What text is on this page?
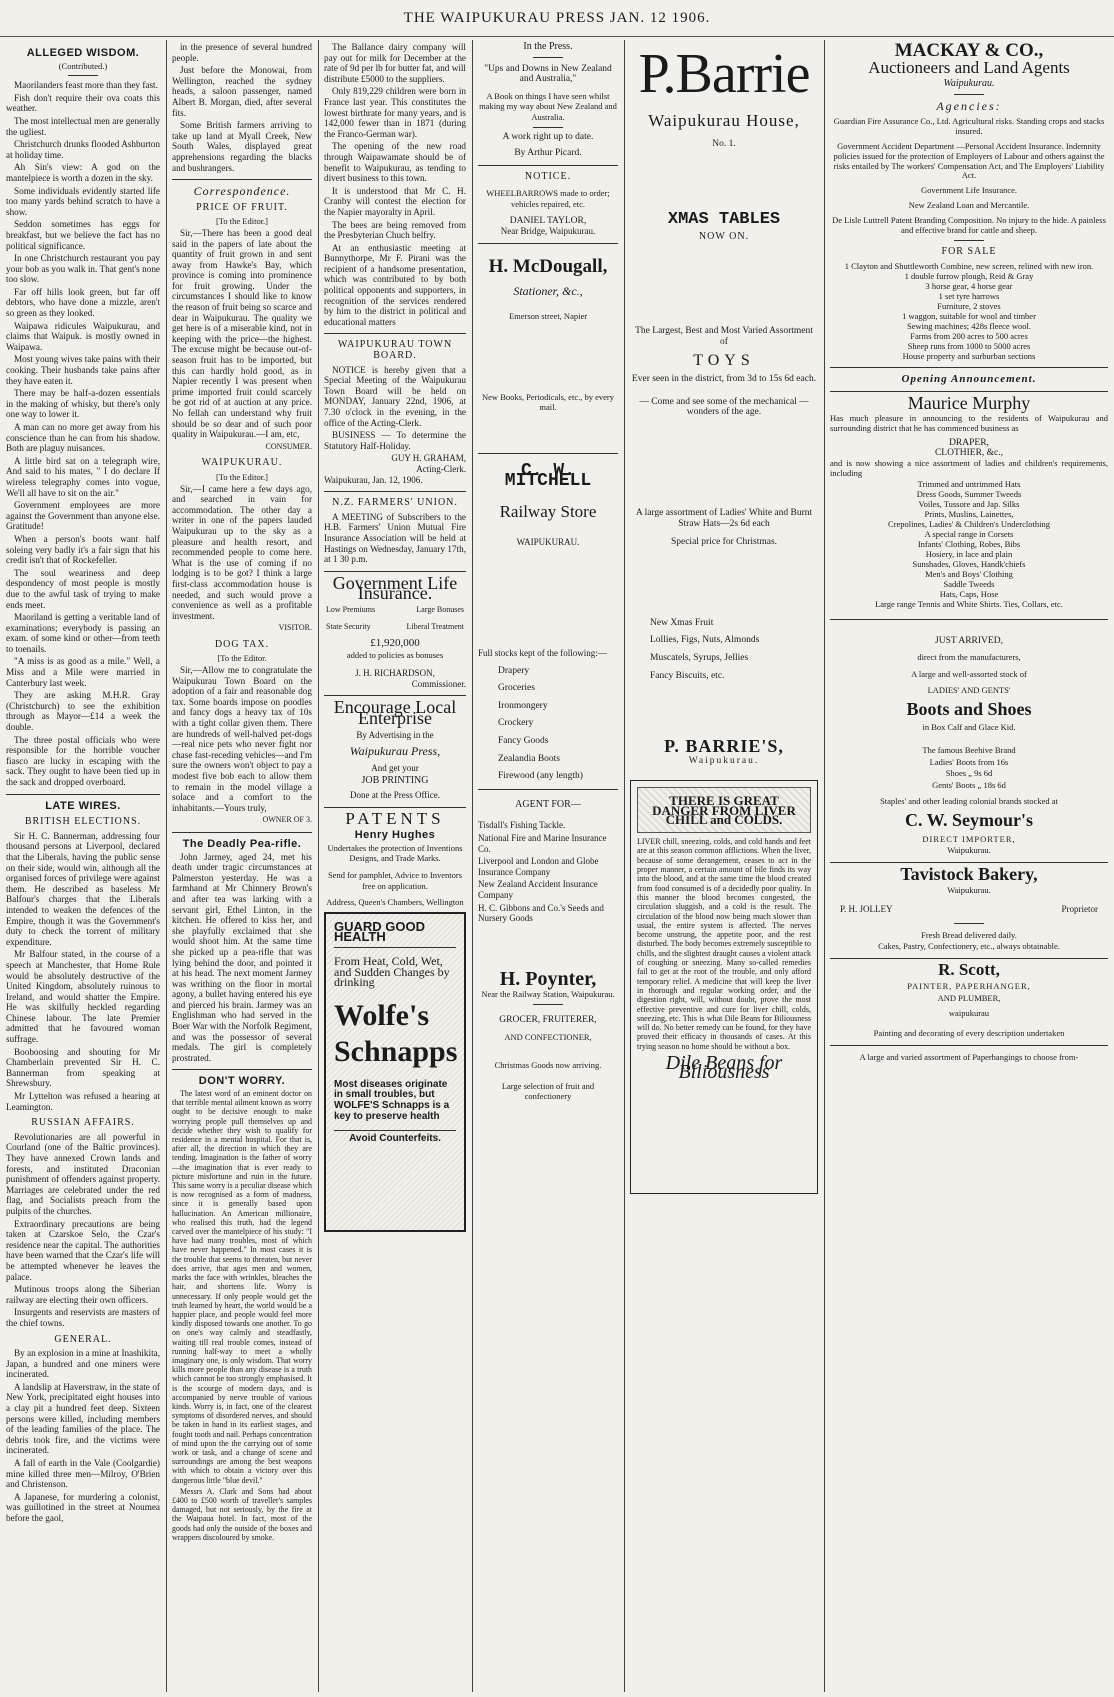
THE WAIPUKURAU PRESS JAN. 12 1906.
ALLEGED WISDOM.
(Contributed.)

Maorilanders feast more than they fast.

Fish don't require their ova coats this weather.

The most intellectual men are generally the ugliest.

Christchurch drunks flooded Ashburton at holiday time.

Ah Sin's view: A god on the mantelpiece is worth a dozen in the sky.

Some individuals evidently started life too many yards behind scratch to have a show.

Seddon sometimes has eggs for breakfast, but we believe the fact has no political significance.

In one Christchurch restaurant you pay your bob as you walk in. That gent's none too slow.

Far off hills look green, but far off debtors, who have done a mizzle, aren't so green as they looked.

Waipawa ridicules Waipukurau, and claims that Waipuk. is mostly owned in Waipawa.

Most young wives take pains with their cooking. Their husbands take pains after they have eaten it.

There may be half-a-dozen essentials in the making of whisky, but there's only one way to lower it.

A man can no more get away from his conscience than he can from his shadow. Both are plaguy nuisances.

A little bird sat on a telegraph wire, And said to his mates, " I do declare If wireless telegraphy comes into vogue, We'll all have to sit on the air."

Government employees are more against the Government than anyone else. Gratitude!

When a person's boots want half soleing very badly it's a fair sign that his credit isn't that of Rockefeller.

The soul weariness and deep despondency of most people is mostly due to the awful task of trying to make ends meet.

Maoriland is getting a veritable land of examinations; everybody is passing an exam. of some kind or other—from teeth to toenails.

"A miss is as good as a mile." Well, a Miss and a Mile were married in Canterbury last week.

They are asking M.H.R. Gray (Christchurch) to see the exhibition through as Mayor—£14 a week the double.

The three postal officials who were responsible for the horrible voucher fiasco are lucky in escaping with the sack. They ought to have been tied up in the sack and dropped overboard.

LATE WIRES.
BRITISH ELECTIONS.

Sir H. C. Bannerman, addressing four thousand persons at Liverpool, declared that the Liberals, having the public sense on their side, would win, although all the organised forces of privilege were against them. He described as baseless Mr Balfour's charges that the Liberals intended to weaken the defences of the Empire, though it was the Government's duty to check the torrent of military expenditure.

Mr Balfour stated, in the course of a speech at Manchester, that Home Rule would be absolutely destructive of the United Kingdom, absolutely ruinous to Ireland, and would shatter the Empire. He was skilfully heckled regarding Chinese labour. The late Premier admitted that he favoured woman suffrage.

Booboosing and shouting for Mr Chamberlain prevented Sir H. C. Bannerman from speaking at Shrewsbury.

Mr Lyttelton was refused a hearing at Leamington.

RUSSIAN AFFAIRS.

Revolutionaries are all powerful in Courland (one of the Baltic provinces). They have annexed Crown lands and forests, and instituted Draconian punishment of offenders against property. Marriages are celebrated under the red flag, and Socialists preach from the pulpits of the churches.

Extraordinary precautions are being taken at Czarskoe Selo, the Czar's residence near the capital. The authorities have been warned that the Czar's life will be attempted whenever he leaves the palace.

Mutinous troops along the Siberian railway are electing their own officers.

Insurgents and reservists are masters of the chief towns.

GENERAL.

By an explosion in a mine at Inashikita, Japan, a hundred and one miners were incinerated.

A landslip at Haverstraw, in the state of New York, precipitated eight houses into a clay pit a hundred feet deep. Sixteen persons were killed, including members of the leading families of the place. The debris took fire, and the victims were incinerated.

A fall of earth in the Vale (Coolgardie) mine killed three men—Milroy, O'Brien and Christenson.

A Japanese, for murdering a colonist, was guillotined in the street at Noumea before the gaol,

in the presence of several hundred people.

Just before the Monowai, from Wellington, reached the sydney heads, a saloon passenger, named Albert B. Morgan, died, after several fits.

Some British farmers arriving to take up land at Myall Creek, New South Wales, displayed great apprehensions regarding the blacks and bushrangers.

Correspondence.
PRICE OF FRUIT.
[To the Editor.]

Sir,—There has been a good deal said in the papers of late about the quantity of fruit grown in and sent away from Hawke's Bay, which province is coming into prominence for fruit growing. Under the circumstances I should like to know the reason of fruit being so scarce and dear in Waipukurau. The quality we get here is of a miserable kind, not in keeping with the price—the highest. The excuse might be because out-of-season fruit has to be imported, but this can hardly hold good, as in Napier recently I was present when prime imported fruit could scarcely be got rid of at auction at any price. No fellah can understand why fruit should be so dear and of such poor quality in Waipukurau.—I am, etc,

CONSUMER.
WAIPUKURAU.
[To the Editor.]

Sir,—I came here a few days ago, and searched in vain for accommodation. The other day a writer in one of the papers lauded Waipukurau up to the sky as a pleasure and health resort, and recommended people to come here. What is the use of coming if no lodging is to be got? I think a large first-class accommodation house is needed, and such would prove a convenience as well as a profitable investment.

VISITOR.
DOG TAX.
[To the Editor.

Sir,—Allow me to congratulate the Waipukurau Town Board on the adoption of a fair and reasonable dog tax. Some boards impose on poodles and fancy dogs a heavy tax of 10s with a tight collar given them. There are hundreds of well-halved pet-dogs—real nice pets who never fight nor chase fast-receding vehicles—and I'm sure the owners won't object to pay a modest five bob each to allow them to remain in the model village a solace and a comfort to the inhabitants.—Yours truly,

OWNER OF 3.
The Deadly Pea-rifle.

John Jarmey, aged 24, met his death under tragic circumstances at Palmerston yesterday. He was a farmhand at Mr Chinnery Brown's and after tea was larking with a servant girl, Ethel Linton, in the kitchen. He offered to kiss her, and she playfully exclaimed that she would shoot him. At the same time she picked up a pea-rifle that was lying behind the door, and pointed it at his head. The next moment Jarmey was writhing on the floor in mortal agony, a bullet having entered his eye and pierced his brain. Jarmey was an Englishman who had served in the Boer War with the Norfolk Regiment, and was the possessor of several medals. The girl is completely prostrated.

DON'T WORRY.

The latest word of an eminent doctor on that terrible mental ailment known as worry ought to be decisive enough to make worrying people pull themselves up and decide whether they wish to qualify for residence in a mental hospital. For that is, after all, the direction in which they are tending. Imagination is the father of worry—the imagination that is ever ready to picture misfortune and ruin in the future. This same worry is a peculiar disease which is now recognised as a form of madness, since it is generally based upon hallucination. An American millionaire, who realised this truth, had the legend carved over the mantelpiece of his study: "I have had many troubles, most of which have never happened." In most cases it is the trouble that seems to threaten, but never does arrive, that ages men and women, marks the face with wrinkles, bleaches the hair, and shortens life. Worry is unnecessary. If only people would get the truth learned by heart, the world would be a happier place, and people would feel more kindly disposed towards one another. To go on one's way calmly and steadfastly, waiting till real trouble comes, instead of running half-way to meet a wholly imaginary one, is only wisdom. That worry kills more people than any disease is a truth which cannot be too strongly emphasised. It is the scourge of modern days, and is accompanied by nerve trouble of various kinds. Worry is, in fact, one of the clearest symptoms of disordered nerves, and should be taken in hand in its earliest stages, and fought tooth and nail. Perhaps concentration of mind upon the the carrying out of some work or task, and a change of scene and surroundings are among the best weapons with which to obtain a victory over this dangerous little "blue devil."

Messrs A. Clark and Sons had about £400 to £500 worth of traveller's samples damaged, but not seriously, by the fire at the Waipaua hotel. In fact, most of the goods had only the outside of the boxes and wrappers discoloured by smoke.

The Ballance dairy company will pay out for milk for December at the rate of 9d per lb for butter fat, and will distribute £5000 to the suppliers.

Only 819,229 children were born in France last year. This constitutes the lowest birthrate for many years, and is 142,000 fewer than in 1871 (during the Franco-German war).

The opening of the new road through Waipawamate should be of benefit to Waipukurau, as tending to divert business to this town.

It is understood that Mr C. H. Cranby will contest the election for the Napier mayoralty in April.

The bees are being removed from the Presbyterian Chuch belfry.

At an enthusiastic meeting at Bunnythorpe, Mr F. Pirani was the recipient of a handsome presentation, which was contributed to by both political opponents and supporters, in recognition of the services rendered by him to the district in political and educational matters

WAIPUKURAU TOWN BOARD.

NOTICE is hereby given that a Special Meeting of the Waipukurau Town Board will be held on MONDAY, January 22nd, 1906, at 7.30 o'clock in the evening, in the office of the Acting-Clerk.

BUSINESS — To determine the Statutory Half-Holiday.

GUY H. GRAHAM,
Acting-Clerk.
Waipukurau, Jan. 12, 1906.
N.Z. FARMERS' UNION.

A MEETING of Subscribers to the H.B. Farmers' Union Mutual Fire Insurance Association will be held at Hastings on Wednesday, January 17th, at 1 30 p.m.

Government Life Insurance.
Low Premiums	Large Bonuses
State Security	Liberal Treatment
£1,920,000
added to policies as bonuses
J. H. RICHARDSON,
Commissioner.
Encourage Local Enterprise
By Advertising in the
Waipukurau Press,
And get your
JOB PRINTING
Done at the Press Office.
PATENTS
Henry Hughes
Undertakes the protection of Inventions Designs, and Trade Marks.
Send for pamphlet, Advice to Inventors free on application.
Address, Queen's Chambers, Wellington
GUARD GOOD HEALTH
From Heat, Cold, Wet, and Sudden Changes by drinking
Wolfe's Schnapps
Most diseases originate in small troubles, but WOLFE'S Schnapps is a key to preserve health
Avoid Counterfeits.
In the Press.
"Ups and Downs in New Zealand and Australia,"
A Book on things I have seen whilst making my way about New Zealand and Australia.
A work right up to date.
By Arthur Picard.
NOTICE.
WHEELBARROWS made to order; vehicles repaired, etc.
DANIEL TAYLOR,
Near Bridge, Waipukurau.
H. McDougall,
Stationer, &c.,
Emerson street, Napier
New Books, Periodicals, etc., by every mail.
C. W. MITCHELL
Railway Store
WAIPUKURAU.
Full stocks kept of the following:—
Drapery
Groceries
Ironmongery
Crockery
Fancy Goods
Zealandia Boots
Firewood (any length)
AGENT FOR—
Tisdall's Fishing Tackle.
National Fire and Marine Insurance Co.
Liverpool and London and Globe Insurance Company
New Zealand Accident Insurance Company
H. C. Gibbons and Co.'s Seeds and Nursery Goods
H. Poynter,
Near the Railway Station, Waipukurau.
GROCER, FRUITERER,
AND CONFECTIONER,
Christmas Goods now arriving.
Large selection of fruit and confectionery
P.Barrie
Waipukurau House,
No. 1.
XMAS TABLES
NOW ON.
The Largest, Best and Most Varied Assortment of
TOYS
Ever seen in the district, from 3d to 15s 6d each.
— Come and see some of the mechanical — wonders of the age.
A large assortment of Ladies' White and Burnt Straw Hats—2s 6d each
Special price for Christmas.
New Xmas Fruit
Lollies, Figs, Nuts, Almonds
Muscatels, Syrups, Jellies
Fancy Biscuits, etc.
P. BARRIE'S,
Waipukurau.
THERE IS GREAT DANGER FROM LIVER CHILL and COLDS.
LIVER chill, sneezing, colds, and cold hands and feet are at this season common afflictions. When the liver, because of some derangement, ceases to act in the proper manner, a certain amount of bile finds its way into the blood, and at the same time the blood created from food consumed is of a decidedly poor quality. In this manner the blood becomes congested, the circulation sluggish, and a cold is the result. The circulation of the blood now being much slower than usual, the entire system is affected. The nerves become unstrung, the appetite poor, and the rest disturbed. The body becomes extremely susceptible to chills, and the slightest draught causes a violent attack of coughing or sneezing. Many so-called remedies fail to get at the root of the trouble, and only afford temporary relief. A medicine that will keep the liver in thorough and regular working order, and the digestion right, will, without doubt, prove the most effective preventive and cure for liver chill, colds, sneezing, etc. This is what Dile Beans for Biliousness will do. No better remedy can be found, for they have proved their efficacy in thousands of cases. At this trying season no home should be without a box.
Dile Beans for Biliousness
MACKAY & CO.,
Auctioneers and Land Agents
Waipukurau.
Agencies:
Guardian Fire Assurance Co., Ltd. Agricultural risks. Standing crops and stacks insured.
Government Accident Department —Personal Accident Insurance. Indemnity policies issued for the protection of Employers of Labour and others against the risks entailed by The workers' Compensation Act, and The Employers' Liability Act.
Government Life Insurance.
New Zealand Loan and Mercantile.
De Lisle Luttrell Patent Branding Composition. No injury to the hide. A painless and effective brand for cattle and sheep.
FOR SALE
1 Clayton and Shuttleworth Combine, new screen, relined with new iron.
1 double furrow plough, Reid & Gray
3 horse gear, 4 horse gear
1 set tyre harrows
Furniture, 2 stoves
1 waggon, suitable for wool and timber
Sewing machines; 428s fleece wool.
Farms from 200 acres to 500 acres
Sheep runs from 1000 to 5000 acres
House property and surburban sections
Opening Announcement.
Maurice Murphy
Has much pleasure in announcing to the residents of Waipukurau and surrounding district that he has commenced business as
DRAPER,
CLOTHIER, &c.,
and is now showing a nice assortment of ladies and children's requirements, including
Trimmed and untrimmed Hats
Dress Goods, Summer Tweeds
Voiles, Tussore and Jap. Silks
Prints, Muslins, Lainettes,
Crepolines, Ladies' & Children's Underclothing
A special range in Corsets
Infants' Clothing, Robes, Bibs
Hosiery, in lace and plain
Sunshades, Gloves, Handk'chiefs
Men's and Boys' Clothing
Saddle Tweeds
Hats, Caps, Hose
Large range Tennis and White Shirts. Ties, Collars, etc.
JUST ARRIVED,
direct from the manufacturers,
A large and well-assorted stock of
LADIES' AND GENTS'
Boots and Shoes
in Box Calf and Glace Kid.
The famous Beehive Brand
Ladies' Boots from 16s
Shoes „ 9s 6d
Gents' Boots „ 18s 6d
Staples' and other leading colonial brands stocked at
C. W. Seymour's
DIRECT IMPORTER,
Waipukurau.
Tavistock Bakery,
Waipukurau.
P. H. JOLLEY	Proprietor
Fresh Bread delivered daily.
Cakes, Pastry, Confectionery, etc., always obtainable.
R. Scott,
PAINTER, PAPERHANGER,
AND PLUMBER,
waipukurau
Painting and decorating of every description undertaken
A large and varied assortment of Paperhangings to choose from-
